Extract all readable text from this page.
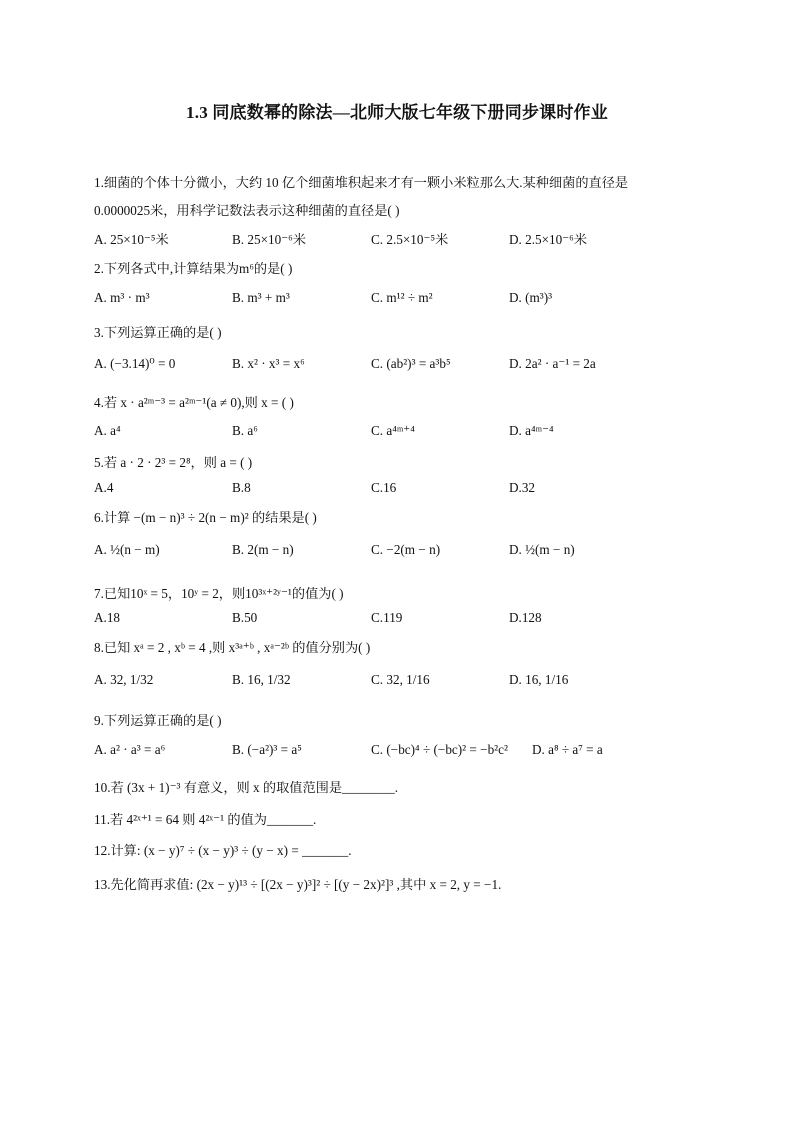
1.3 同底数幂的除法—北师大版七年级下册同步课时作业
1.细菌的个体十分微小，大约 10 亿个细菌堆积起来才有一颗小米粒那么大.某种细菌的直径是
0.0000025米，用科学记数法表示这种细菌的直径是( )
A. 25×10⁻⁵米	B. 25×10⁻⁶米	C. 2.5×10⁻⁵米	D. 2.5×10⁻⁶米
2.下列各式中,计算结果为m⁶的是( )
A. m³ · m³	B. m³ + m³	C. m¹² ÷ m²	D. (m³)³
3.下列运算正确的是( )
A. (−3.14)⁰ = 0	B. x² · x³ = x⁶	C. (ab²)³ = a³b⁵	D. 2a² · a⁻¹ = 2a
4.若 x · a²ᵐ⁻³ = a²ᵐ⁻¹(a ≠ 0),则 x = ( )
A. a⁴	B. a⁶	C. a⁴ᵐ⁺⁴	D. a⁴ᵐ⁻⁴
5.若 a · 2 · 2³ = 2⁸，则 a = ( )
A.4	B.8	C.16	D.32
6.计算 −(m − n)³ ÷ 2(n − m)² 的结果是( )
A. ½(n − m)	B. 2(m − n)	C. −2(m − n)	D. ½(m − n)
7.已知10ˣ = 5，10ʸ = 2，则10³ˣ⁺²ʸ⁻¹的值为( )
A.18	B.50	C.119	D.128
8.已知 xᵃ = 2 , xᵇ = 4 ,则 x³ᵃ⁺ᵇ , xᵃ⁻²ᵇ 的值分别为( )
A. 32, 1/32	B. 16, 1/32	C. 32, 1/16	D. 16, 1/16
9.下列运算正确的是( )
A. a² · a³ = a⁶	B. (−a²)³ = a⁵	C. (−bc)⁴ ÷ (−bc)² = −b²c² D. a⁸ ÷ a⁷ = a
10.若 (3x + 1)⁻³ 有意义，则 x 的取值范围是________.
11.若 4²ˣ⁺¹ = 64 则 4²ˣ⁻¹ 的值为_______.
12.计算: (x − y)⁷ ÷ (x − y)³ ÷ (y − x) = _______.
13.先化简再求值: (2x − y)¹³ ÷ [(2x − y)³]² ÷ [(y − 2x)²]³ ,其中 x = 2, y = −1.
